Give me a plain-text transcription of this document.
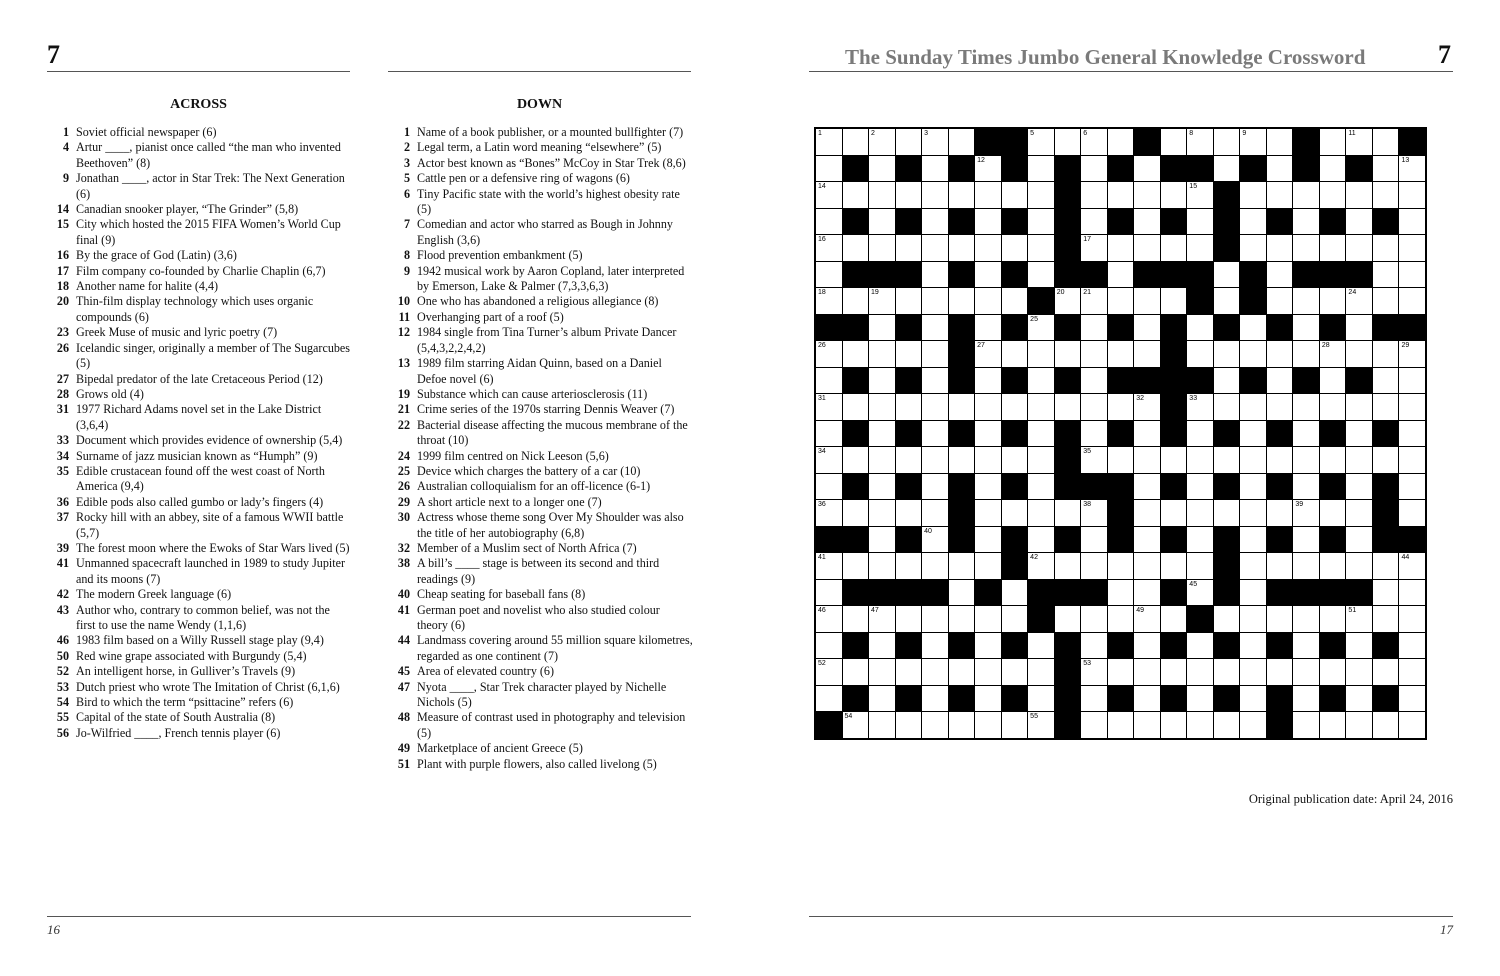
7
ACROSS	DOWN
1 Soviet official newspaper (6)
4 Artur ____, pianist once called “the man who invented Beethoven” (8)
9 Jonathan ____, actor in Star Trek: The Next Generation (6)
14 Canadian snooker player, “The Grinder” (5,8)
15 City which hosted the 2015 FIFA Women’s World Cup final (9)
16 By the grace of God (Latin) (3,6)
17 Film company co-founded by Charlie Chaplin (6,7)
18 Another name for halite (4,4)
20 Thin-film display technology which uses organic compounds (6)
23 Greek Muse of music and lyric poetry (7)
26 Icelandic singer, originally a member of The Sugarcubes (5)
27 Bipedal predator of the late Cretaceous Period (12)
28 Grows old (4)
31 1977 Richard Adams novel set in the Lake District (3,6,4)
33 Document which provides evidence of ownership (5,4)
34 Surname of jazz musician known as “Humph” (9)
35 Edible crustacean found off the west coast of North America (9,4)
36 Edible pods also called gumbo or lady’s fingers (4)
37 Rocky hill with an abbey, site of a famous WWII battle (5,7)
39 The forest moon where the Ewoks of Star Wars lived (5)
41 Unmanned spacecraft launched in 1989 to study Jupiter and its moons (7)
42 The modern Greek language (6)
43 Author who, contrary to common belief, was not the first to use the name Wendy (1,1,6)
46 1983 film based on a Willy Russell stage play (9,4)
50 Red wine grape associated with Burgundy (5,4)
52 An intelligent horse, in Gulliver’s Travels (9)
53 Dutch priest who wrote The Imitation of Christ (6,1,6)
54 Bird to which the term “psittacine” refers (6)
55 Capital of the state of South Australia (8)
56 Jo-Wilfried ____, French tennis player (6)
1 Name of a book publisher, or a mounted bullfighter (7)
2 Legal term, a Latin word meaning “elsewhere” (5)
3 Actor best known as “Bones” McCoy in Star Trek (8,6)
5 Cattle pen or a defensive ring of wagons (6)
6 Tiny Pacific state with the world’s highest obesity rate (5)
7 Comedian and actor who starred as Bough in Johnny English (3,6)
8 Flood prevention embankment (5)
9 1942 musical work by Aaron Copland, later interpreted by Emerson, Lake & Palmer (7,3,3,6,3)
10 One who has abandoned a religious allegiance (8)
11 Overhanging part of a roof (5)
12 1984 single from Tina Turner’s album Private Dancer (5,4,3,2,2,4,2)
13 1989 film starring Aidan Quinn, based on a Daniel Defoe novel (6)
19 Substance which can cause arteriosclerosis (11)
21 Crime series of the 1970s starring Dennis Weaver (7)
22 Bacterial disease affecting the mucous membrane of the throat (10)
24 1999 film centred on Nick Leeson (5,6)
25 Device which charges the battery of a car (10)
26 Australian colloquialism for an off-licence (6-1)
29 A short article next to a longer one (7)
30 Actress whose theme song Over My Shoulder was also the title of her autobiography (6,8)
32 Member of a Muslim sect of North Africa (7)
38 A bill’s ____ stage is between its second and third readings (9)
40 Cheap seating for baseball fans (8)
41 German poet and novelist who also studied colour theory (6)
44 Landmass covering around 55 million square kilometres, regarded as one continent (7)
45 Area of elevated country (6)
47 Nyota ____, Star Trek character played by Nichelle Nichols (5)
48 Measure of contrast used in photography and television (5)
49 Marketplace of ancient Greece (5)
51 Plant with purple flowers, also called livelong (5)
16
The Sunday Times Jumbo General Knowledge Crossword	7
1	2	3	5	6	8	9	11
12	13
14	15
16	17
18	19	20	21	24
25
26	27	28	29
31	32	33
34	35
36	38	39
40
41	42	44
45
46	47	49	51
52	53
54	55
Original publication date: April 24, 2016
17
